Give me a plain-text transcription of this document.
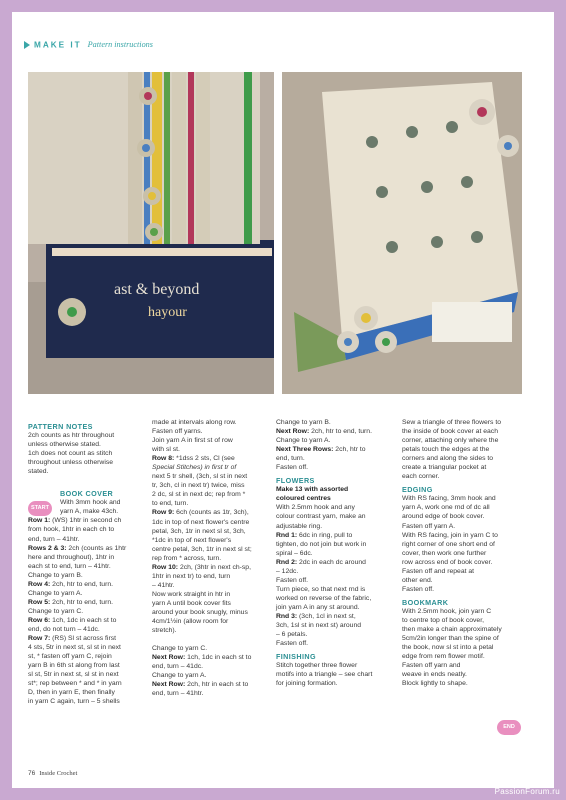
MAKE IT Pattern instructions
ast & beyond
hayour

PATTERN NOTES

2ch counts as htr throughout

unless otherwise stated.

1ch does not count as stitch

throughout unless otherwise

stated.

BOOK COVER

With 3mm hook and

yarn A, make 43ch.

Row 1: (WS) 1htr in second ch

from hook, 1htr in each ch to

end, turn – 41htr.

Rows 2 & 3: 2ch (counts as 1htr

here and throughout), 1htr in

each st to end, turn – 41htr.

Change to yarn B.

Row 4: 2ch, htr to end, turn.

Change to yarn A.

Row 5: 2ch, htr to end, turn.

Change to yarn C.

Row 6: 1ch, 1dc in each st to

end, do not turn – 41dc.

Row 7: (RS) Sl st across first

4 sts, 5tr in next st, sl st in next

st, * fasten off yarn C, rejoin

yarn B in 6th st along from last

sl st, 5tr in next st, sl st in next

st*; rep between * and * in yarn

D, then in yarn E, then finally

in yarn C again, turn – 5 shells

made at intervals along row.

Fasten off yarns.

Join yarn A in first st of row

with sl st.

Row 8: *1dss 2 sts, Cl (see

Special Stitches) in first tr of

next 5 tr shell, (3ch, sl st in next

tr, 3ch, cl in next tr) twice, miss

2 dc, sl st in next dc; rep from *

to end, turn.

Row 9: 6ch (counts as 1tr, 3ch),

1dc in top of next flower's centre

petal, 3ch, 1tr in next sl st, 3ch,

*1dc in top of next flower's

centre petal, 3ch, 1tr in next sl st;

rep from * across, turn.

Row 10: 2ch, (3htr in next ch-sp,

1htr in next tr) to end, turn

– 41htr.

Now work straight in htr in

yarn A until book cover fits

around your book snugly, minus

4cm/1½in (allow room for

stretch).

Change to yarn C.

Next Row: 1ch, 1dc in each st to

end, turn – 41dc.

Change to yarn A.

Next Row: 2ch, htr in each st to

end, turn – 41htr.

Change to yarn B.

Next Row: 2ch, htr to end, turn.

Change to yarn A.

Next Three Rows: 2ch, htr to

end, turn.

Fasten off.

FLOWERS

Make 13 with assorted

coloured centres

With 2.5mm hook and any

colour contrast yarn, make an

adjustable ring.

Rnd 1: 6dc in ring, pull to

tighten, do not join but work in

spiral – 6dc.

Rnd 2: 2dc in each dc around

– 12dc.

Fasten off.

Turn piece, so that next rnd is

worked on reverse of the fabric,

join yarn A in any st around.

Rnd 3: (3ch, 1cl in next st,

3ch, 1sl st in next st) around

– 6 petals.

Fasten off.

FINISHING

Stitch together three flower

motifs into a triangle – see chart

for joining formation.

Sew a triangle of three flowers to

the inside of book cover at each

corner, attaching only where the

petals touch the edges at the

corners and along the sides to

create a triangular pocket at

each corner.

EDGING

With RS facing, 3mm hook and

yarn A, work one rnd of dc all

around edge of book cover.

Fasten off yarn A.

With RS facing, join in yarn C to

right corner of one short end of

cover, then work one further

row across end of book cover.

Fasten off and repeat at

other end.

Fasten off.

BOOKMARK

With 2.5mm hook, join yarn C

to centre top of book cover,

then make a chain approximately

5cm/2in longer than the spine of

the book, now sl st into a petal

edge from rem flower motif.

Fasten off yarn and

weave in ends neatly.

Block lightly to shape.

START
END
76 Inside Crochet
PassionForum.ru
